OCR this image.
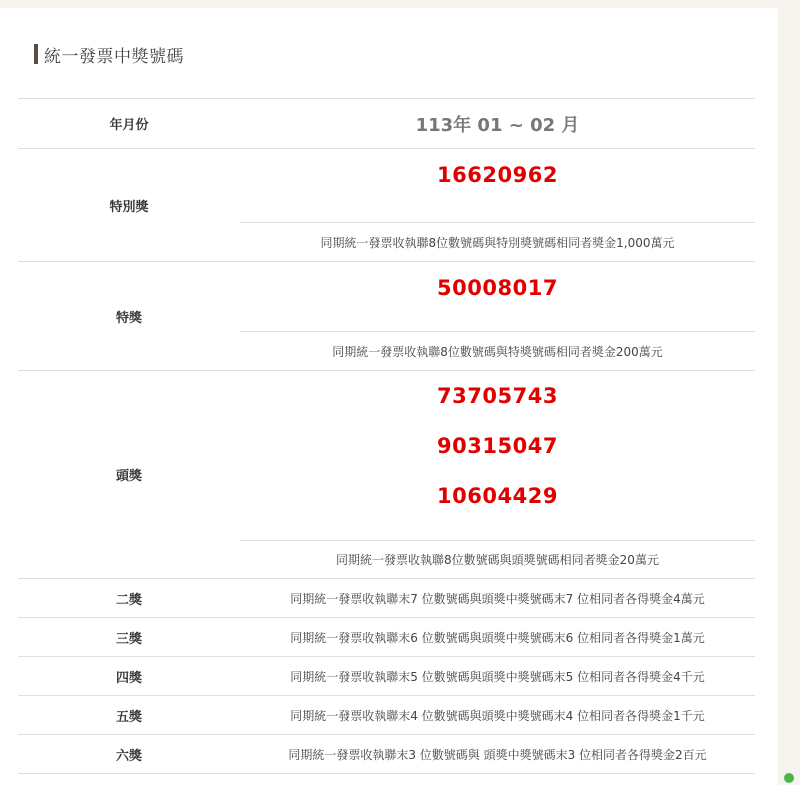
統一發票中獎號碼
年月份	113年 01 ~ 02 月
特別獎	16620962
	同期統一發票收執聯8位數號碼與特別獎號碼相同者獎金1,000萬元
特獎	50008017
	同期統一發票收執聯8位數號碼與特獎號碼相同者獎金200萬元
頭獎	73705743
90315047
10604429

	同期統一發票收執聯8位數號碼與頭獎號碼相同者獎金20萬元
二獎	同期統一發票收執聯末7 位數號碼與頭獎中獎號碼末7 位相同者各得獎金4萬元
三獎	同期統一發票收執聯末6 位數號碼與頭獎中獎號碼末6 位相同者各得獎金1萬元
四獎	同期統一發票收執聯末5 位數號碼與頭獎中獎號碼末5 位相同者各得獎金4千元
五獎	同期統一發票收執聯末4 位數號碼與頭獎中獎號碼末4 位相同者各得獎金1千元
六獎	同期統一發票收執聯末3 位數號碼與 頭獎中獎號碼末3 位相同者各得獎金2百元
